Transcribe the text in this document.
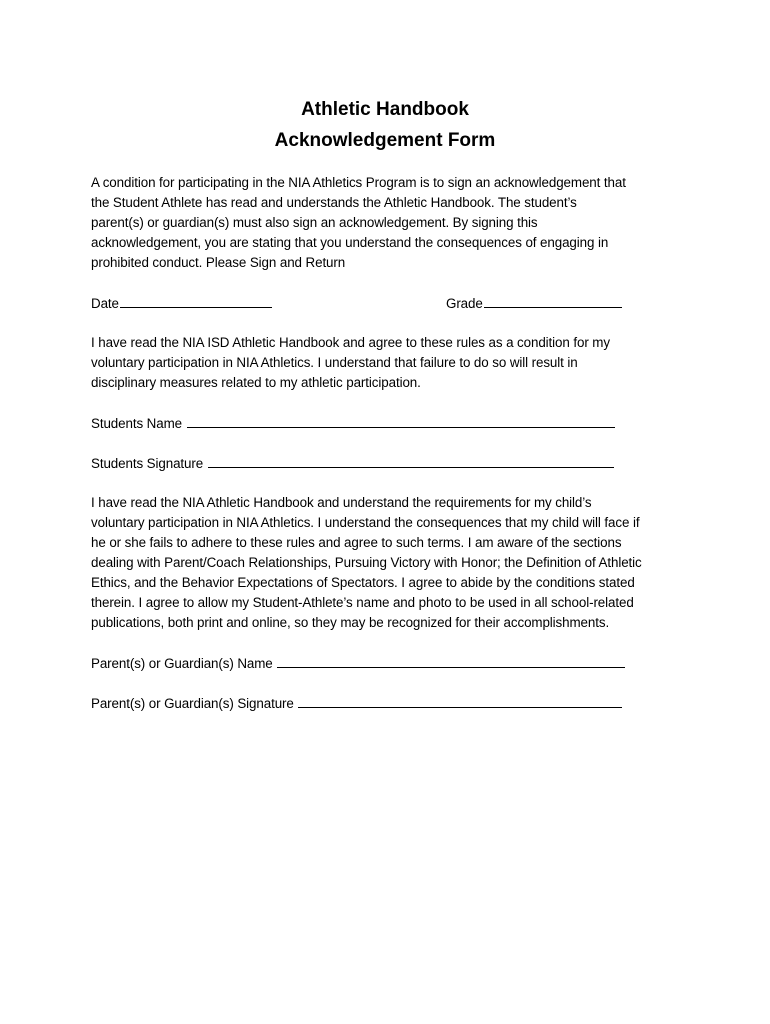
Athletic Handbook
Acknowledgement Form

A condition for participating in the NIA Athletics Program is to sign an acknowledgement that
the Student Athlete has read and understands the Athletic Handbook. The student’s
parent(s) or guardian(s) must also sign an acknowledgement. By signing this
acknowledgement, you are stating that you understand the consequences of engaging in
prohibited conduct. Please Sign and Return

Date	Grade

I have read the NIA ISD Athletic Handbook and agree to these rules as a condition for my
voluntary participation in NIA Athletics. I understand that failure to do so will result in
disciplinary measures related to my athletic participation.

Students Name
Students Signature

I have read the NIA Athletic Handbook and understand the requirements for my child’s
voluntary participation in NIA Athletics. I understand the consequences that my child will face if
he or she fails to adhere to these rules and agree to such terms. I am aware of the sections
dealing with Parent/Coach Relationships, Pursuing Victory with Honor; the Definition of Athletic
Ethics, and the Behavior Expectations of Spectators. I agree to abide by the conditions stated
therein. I agree to allow my Student-Athlete’s name and photo to be used in all school-related
publications, both print and online, so they may be recognized for their accomplishments.

Parent(s) or Guardian(s) Name
Parent(s) or Guardian(s) Signature
